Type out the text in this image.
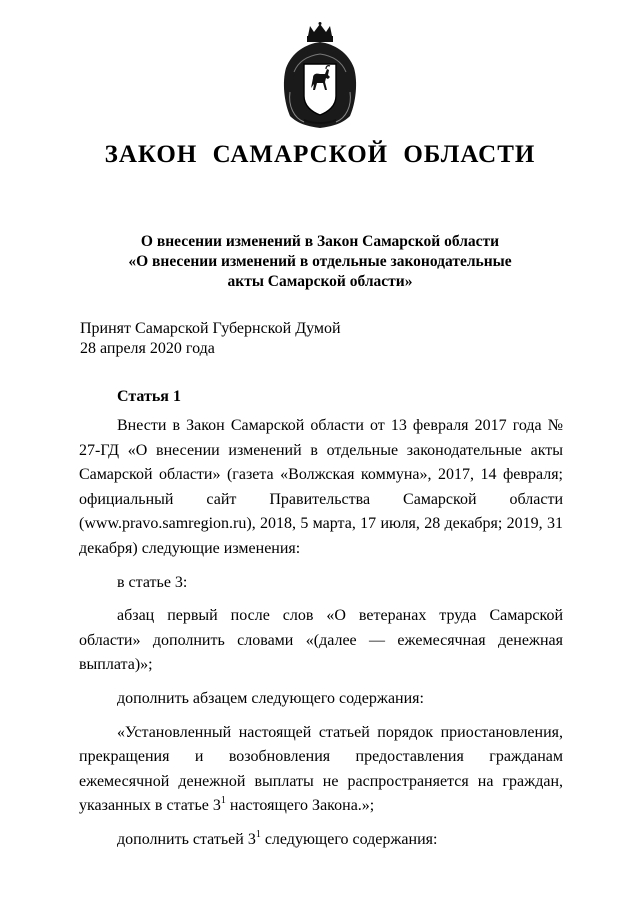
ЗАКОН САМАРСКОЙ ОБЛАСТИ
О внесении изменений в Закон Самарской области
«О внесении изменений в отдельные законодательные
акты Самарской области»
Принят Самарской Губернской Думой
28 апреля 2020 года
Статья 1

Внести в Закон Самарской области от 13 февраля 2017 года № 27-ГД «О внесении изменений в отдельные законодательные акты Самарской области» (газета «Волжская коммуна», 2017, 14 февраля; официальный сайт Правительства Самарской области (www.pravo.samregion.ru), 2018, 5 марта, 17 июля, 28 декабря; 2019, 31 декабря) следующие изменения:

в статье 3:

абзац первый после слов «О ветеранах труда Самарской области» дополнить словами «(далее — ежемесячная денежная выплата)»;

дополнить абзацем следующего содержания:

«Установленный настоящей статьей порядок приостановления, прекращения и возобновления предоставления гражданам ежемесячной денежной выплаты не распространяется на граждан, указанных в статье $3^1$ настоящего Закона.»;

дополнить статьей $3^1$ следующего содержания:
